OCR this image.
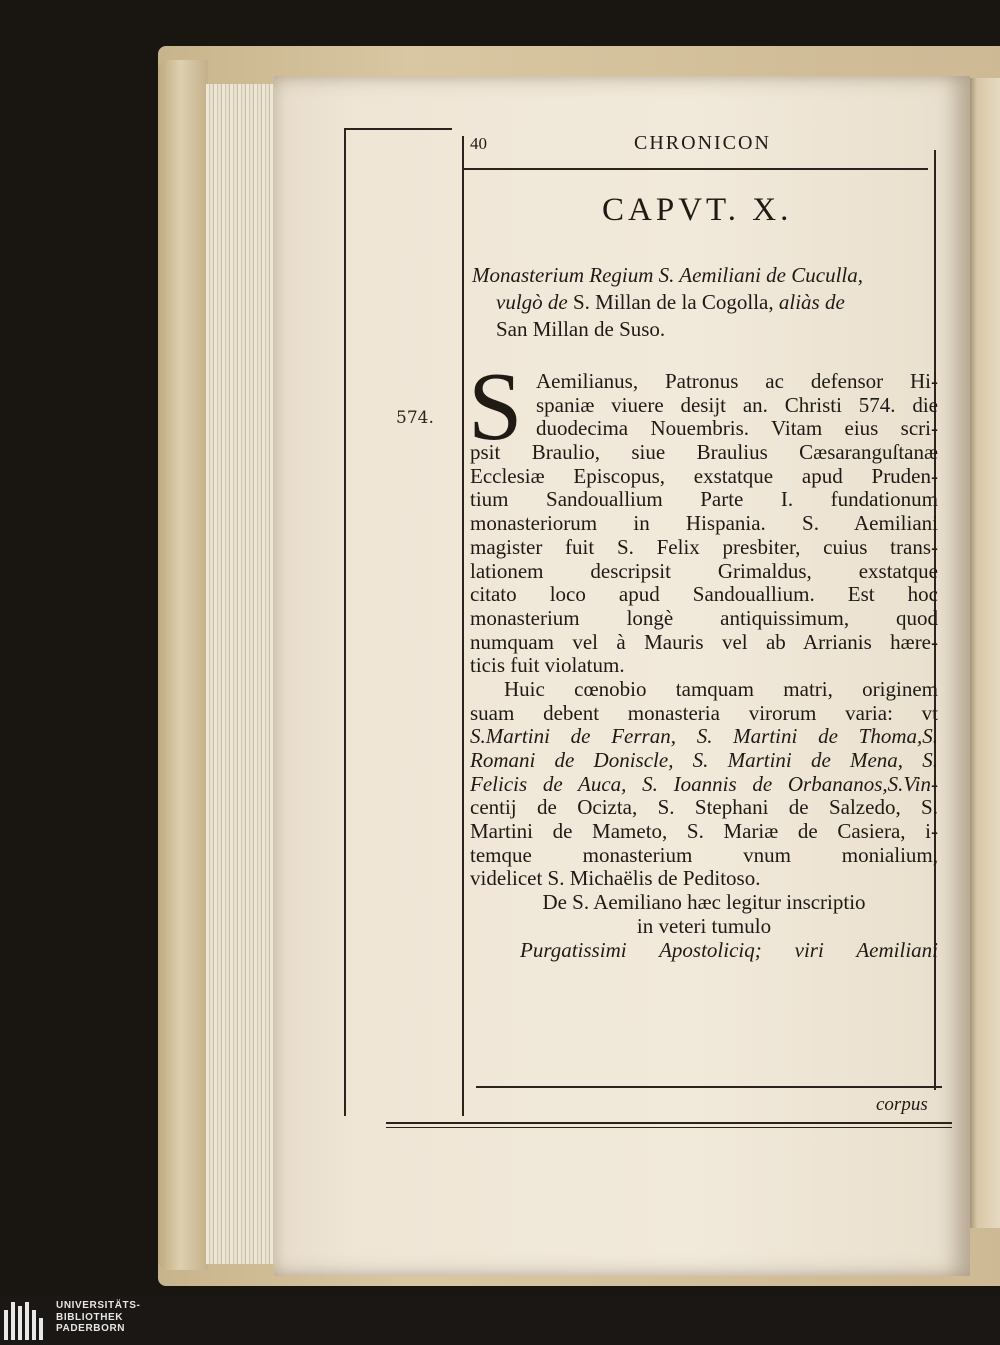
40	CHRONICON
574.
CAPVT. X.
Monasterium Regium S. Aemiliani de Cucullа,
vulgò de S. Millan de la Cogolla, aliàs de
San Millan de Suso.
S Aemilianus, Patronus ac defensor Hi-
spaniæ viuere desijt an. Christi 574. die
duodecima Nouembris. Vitam eius scri-
psit Braulio, siue Braulius Cæsaranguſtanæ
Ecclesiæ Episcopus, exstatque apud Pruden-
tium Sandouallium Parte I. fundationum
monasteriorum in Hispania. S. Aemiliani
magister fuit S. Felix presbiter, cuius trans-
lationem descripsit Grimaldus, exstatque
citato loco apud Sandouallium. Est hoc
monasterium longè antiquissimum, quod
numquam vel à Mauris vel ab Arrianis hære-
ticis fuit violatum.
Huic cœnobio tamquam matri, originem
suam debent monasteria virorum varia: vt
S.Martini de Ferran, S. Martini de Thoma,S.
Romani de Doniscle, S. Martini de Mena, S.
Felicis de Auca, S. Ioannis de Orbananos,S.Vin-
centij de Ocizta, S. Stephani de Salzedo, S.
Martini de Mameto, S. Mariæ de Casiera, i-
temque monasterium vnum monialium,
videlicet S. Michaëlis de Peditoso.
De S. Aemiliano hæc legitur inscriptio
in veteri tumulo
Purgatissimi Apostoliciq; viri Aemiliani
corpus
UNIVERSITÄTS-
BIBLIOTHEK
PADERBORN
